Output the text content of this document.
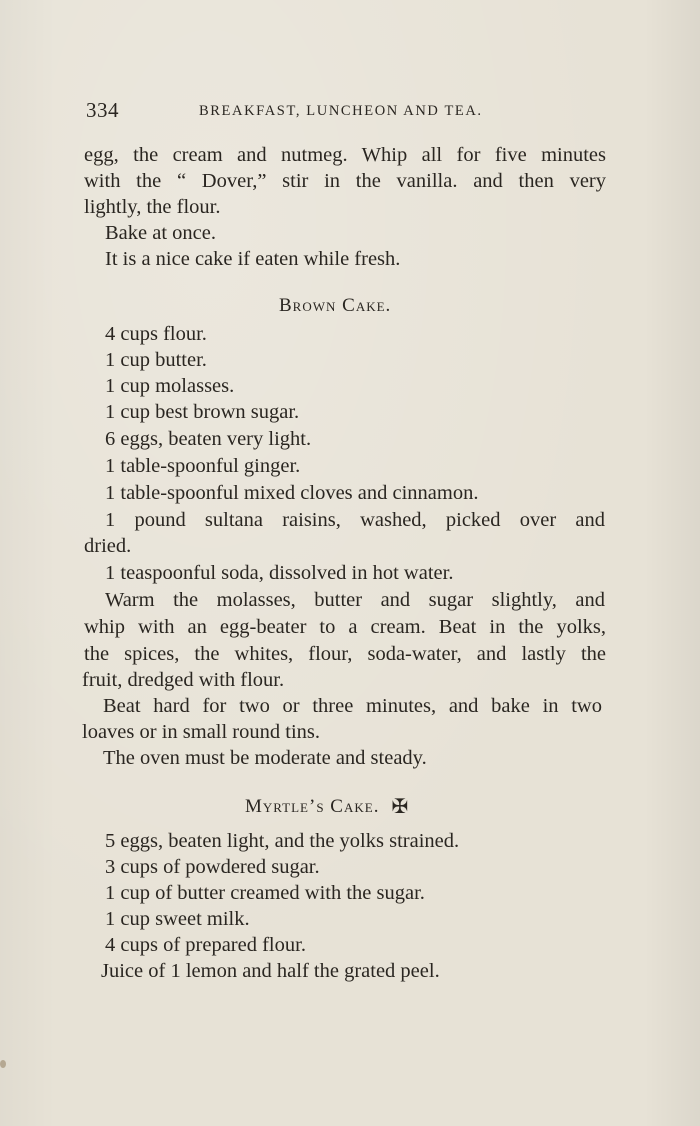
334	BREAKFAST, LUNCHEON AND TEA.
egg, the cream and nutmeg. Whip all for five minutes
with the “ Dover,” stir in the vanilla. and then very
lightly, the flour.
Bake at once.
It is a nice cake if eaten while fresh.
Brown Cake.
4 cups flour.
1 cup butter.
1 cup molasses.
1 cup best brown sugar.
6 eggs, beaten very light.
1 table-spoonful ginger.
1 table-spoonful mixed cloves and cinnamon.
1 pound sultana raisins, washed, picked over and
dried.
1 teaspoonful soda, dissolved in hot water.
Warm the molasses, butter and sugar slightly, and
whip with an egg-beater to a cream. Beat in the yolks,
the spices, the whites, flour, soda-water, and lastly the
fruit, dredged with flour.
Beat hard for two or three minutes, and bake in two
loaves or in small round tins.
The oven must be moderate and steady.
Myrtle’s Cake. ✠
5 eggs, beaten light, and the yolks strained.
3 cups of powdered sugar.
1 cup of butter creamed with the sugar.
1 cup sweet milk.
4 cups of prepared flour.
Juice of 1 lemon and half the grated peel.
